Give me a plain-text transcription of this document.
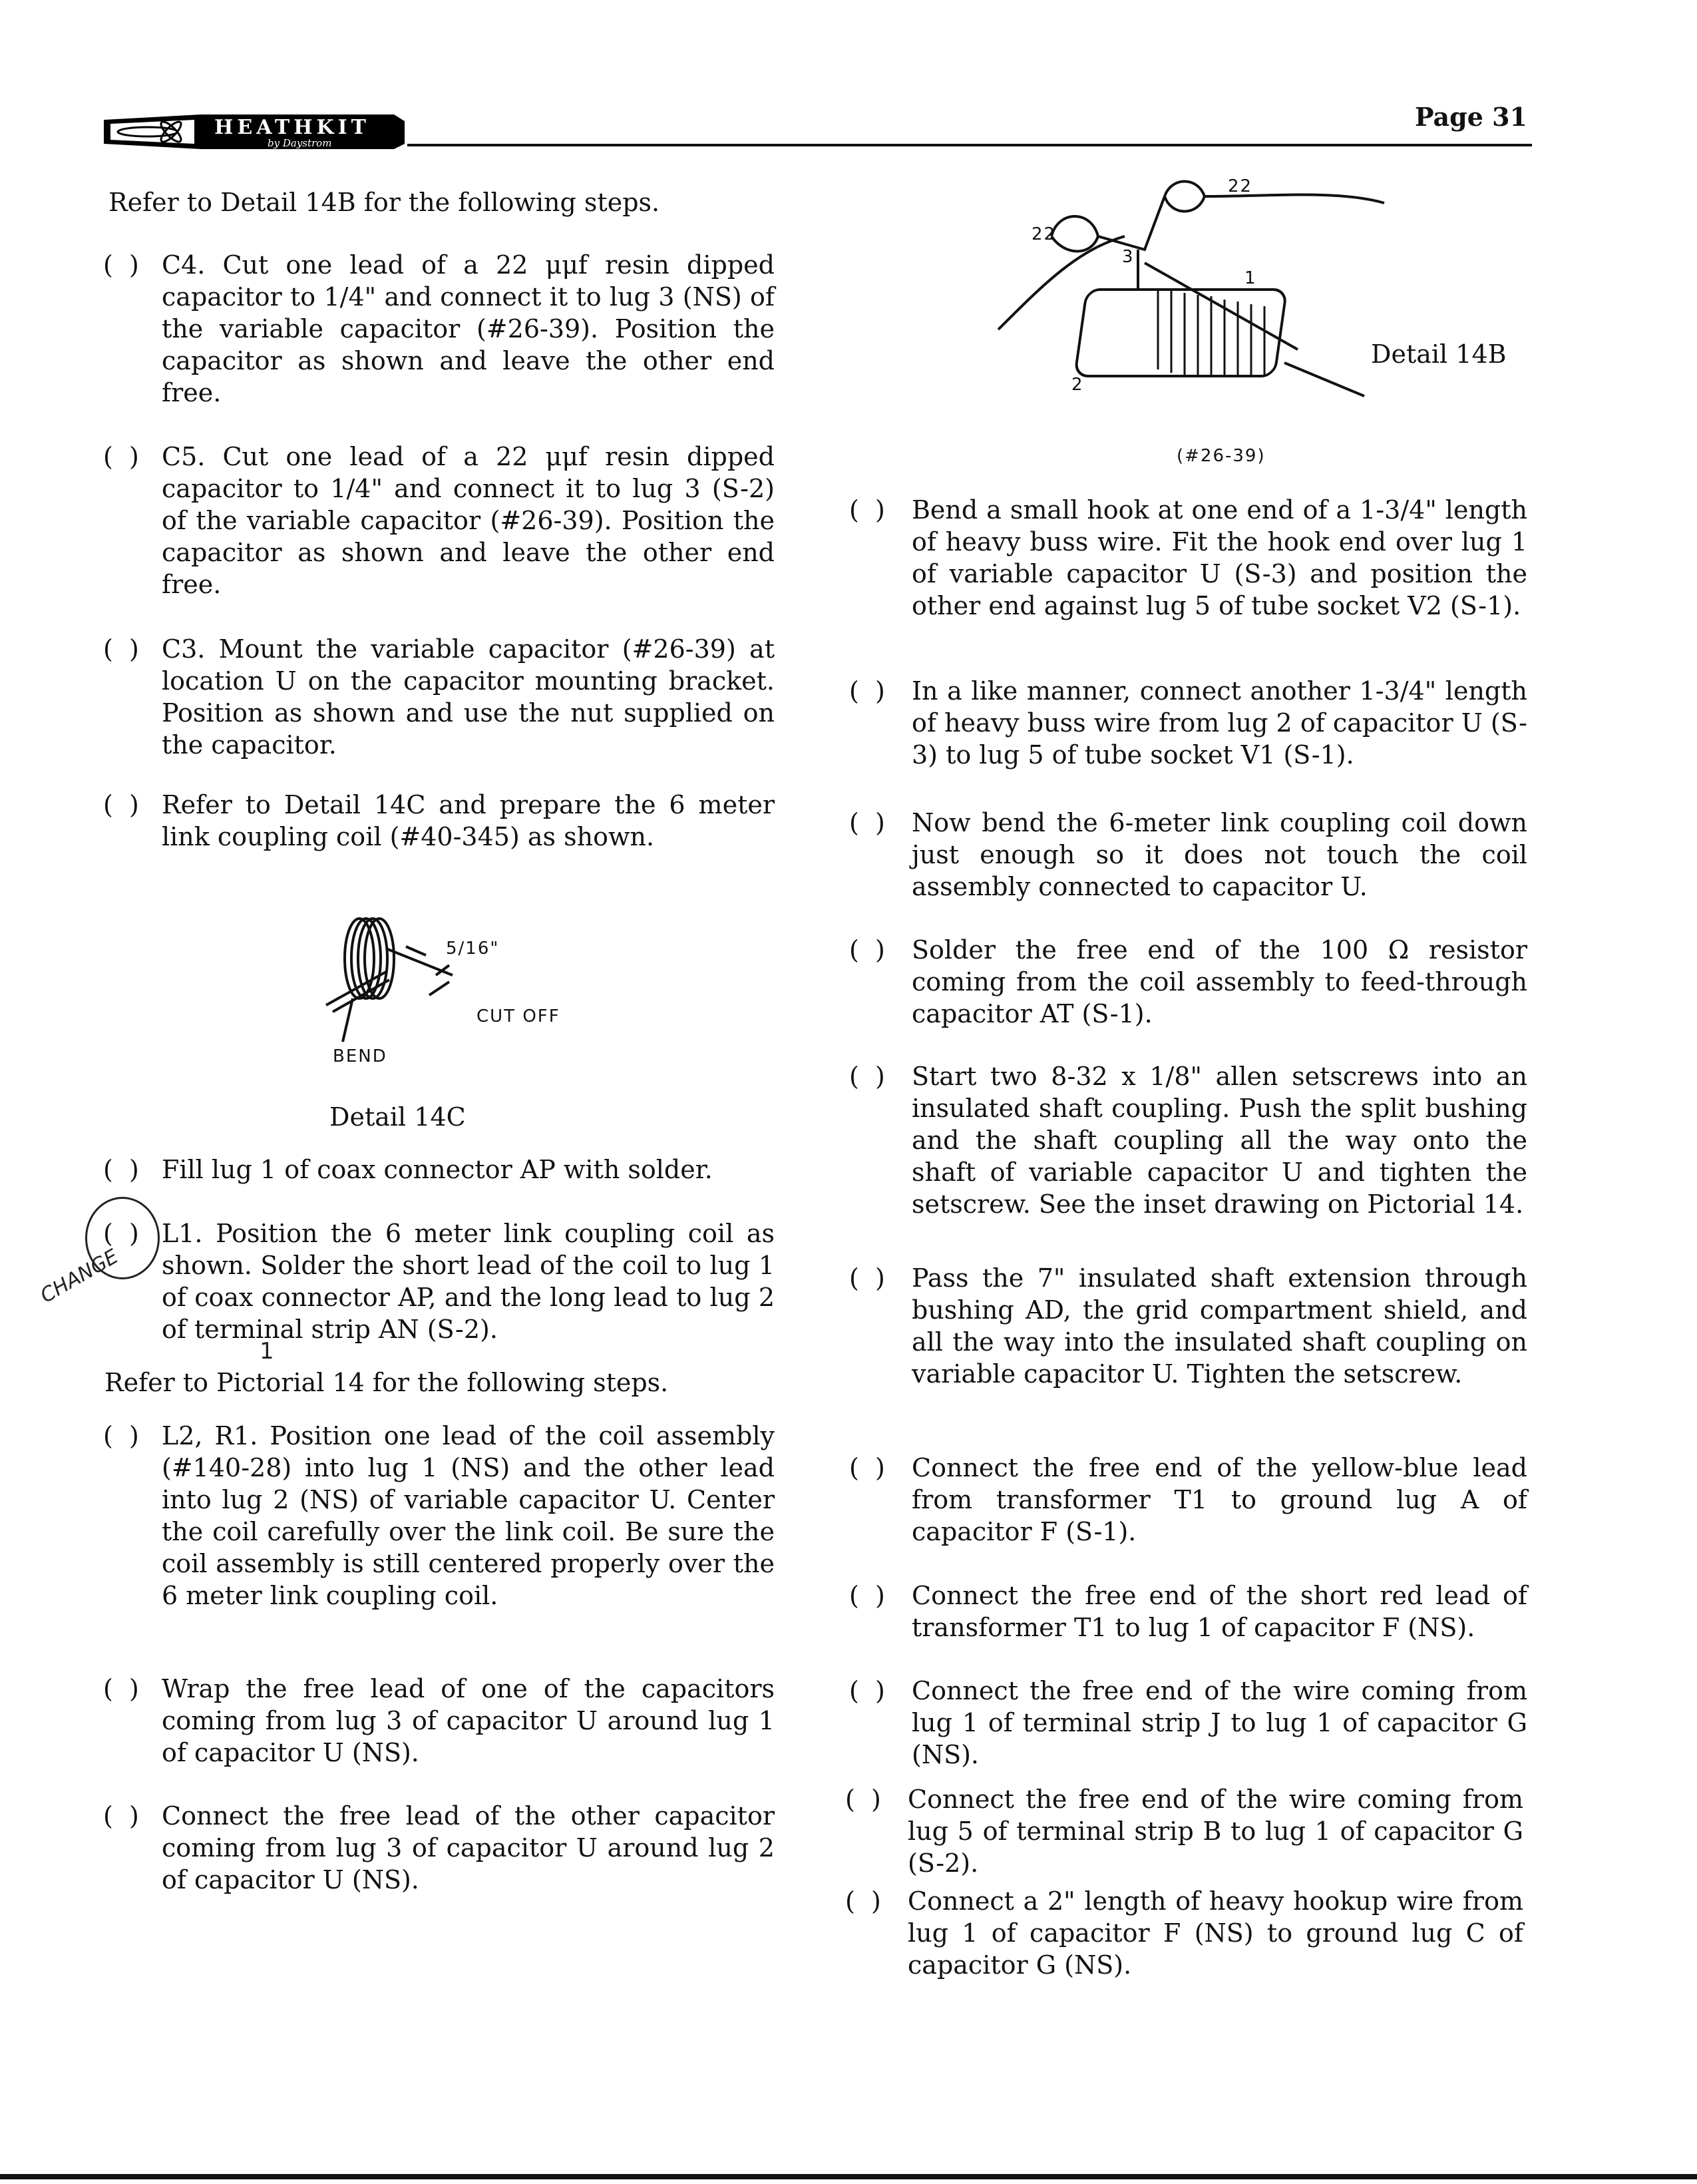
HEATHKIT
by Daystrom
Page 31
Refer to Detail 14B for the following steps.
(  ) C4. Cut one lead of a 22 μμf resin dipped capacitor to 1/4" and connect it to lug 3 (NS) of the variable capacitor (#26-39). Position the capacitor as shown and leave the other end free.
(  ) C5. Cut one lead of a 22 μμf resin dipped capacitor to 1/4" and connect it to lug 3 (S-2) of the variable capacitor (#26-39). Position the capacitor as shown and leave the other end free.
(  ) C3. Mount the variable capacitor (#26-39) at location U on the capacitor mounting bracket. Position as shown and use the nut supplied on the capacitor.
(  ) Refer to Detail 14C and prepare the 6 meter link coupling coil (#40-345) as shown.
5/16"
CUT OFF
BEND
Detail 14C
(  ) Fill lug 1 of coax connector AP with solder.
(  ) L1. Position the 6 meter link coupling coil as shown. Solder the short lead of the coil to lug 1 of coax connector AP, and the long lead to lug 2 of terminal strip AN (S-2).
CHANGE
1
Refer to Pictorial 14 for the following steps.
(  ) L2, R1. Position one lead of the coil assembly (#140-28) into lug 1 (NS) and the other lead into lug 2 (NS) of variable capacitor U. Center the coil carefully over the link coil. Be sure the coil assembly is still centered properly over the 6 meter link coupling coil.
(  ) Wrap the free lead of one of the capacitors coming from lug 3 of capacitor U around lug 1 of capacitor U (NS).
(  ) Connect the free lead of the other capacitor coming from lug 3 of capacitor U around lug 2 of capacitor U (NS).
22
22
3
1
2
Detail 14B
(#26-39)
(  ) Bend a small hook at one end of a 1-3/4" length of heavy buss wire. Fit the hook end over lug 1 of variable capacitor U (S-3) and position the other end against lug 5 of tube socket V2 (S-1).
(  ) In a like manner, connect another 1-3/4" length of heavy buss wire from lug 2 of capacitor U (S-3) to lug 5 of tube socket V1 (S-1).
(  ) Now bend the 6-meter link coupling coil down just enough so it does not touch the coil assembly connected to capacitor U.
(  ) Solder the free end of the 100 Ω resistor coming from the coil assembly to feed-through capacitor AT (S-1).
(  ) Start two 8-32 x 1/8" allen setscrews into an insulated shaft coupling. Push the split bushing and the shaft coupling all the way onto the shaft of variable capacitor U and tighten the setscrew. See the inset drawing on Pictorial 14.
(  ) Pass the 7" insulated shaft extension through bushing AD, the grid compartment shield, and all the way into the insulated shaft coupling on variable capacitor U. Tighten the setscrew.
(  ) Connect the free end of the yellow-blue lead from transformer T1 to ground lug A of capacitor F (S-1).
(  ) Connect the free end of the short red lead of transformer T1 to lug 1 of capacitor F (NS).
(  ) Connect the free end of the wire coming from lug 1 of terminal strip J to lug 1 of capacitor G (NS).
(  ) Connect the free end of the wire coming from lug 5 of terminal strip B to lug 1 of capacitor G (S-2).
(  ) Connect a 2" length of heavy hookup wire from lug 1 of capacitor F (NS) to ground lug C of capacitor G (NS).
